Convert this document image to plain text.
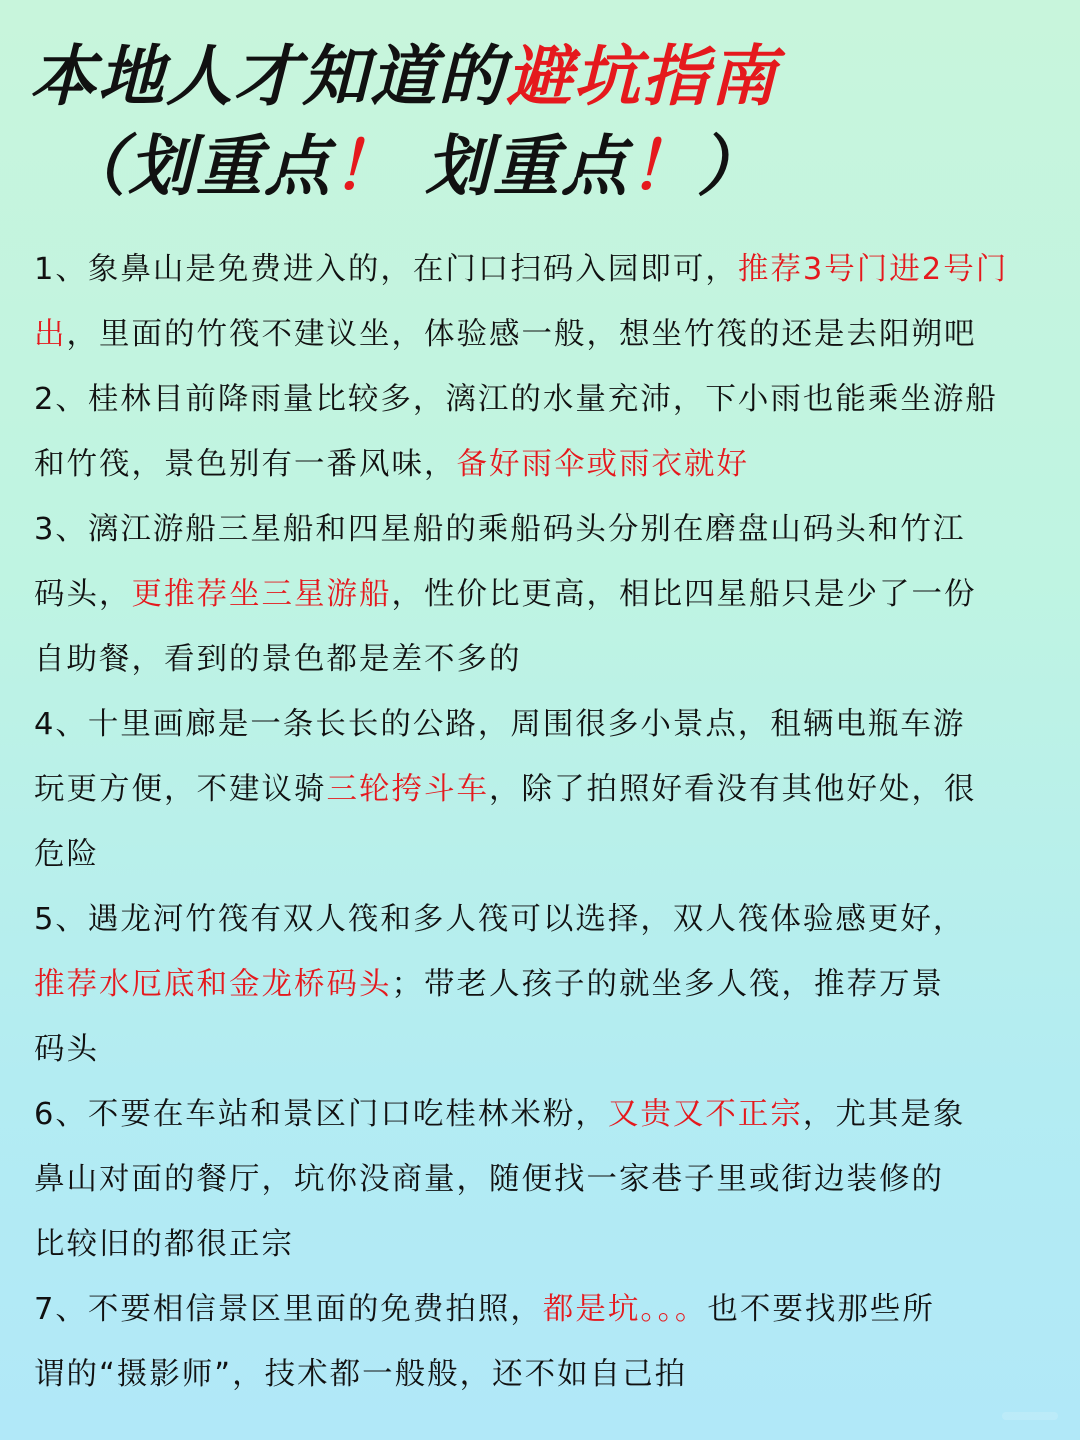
本地人才知道的避坑指南
（划重点！ 划重点！）

1、象鼻山是免费进入的，在门口扫码入园即可，推荐3号门进2号门

出，里面的竹筏不建议坐，体验感一般，想坐竹筏的还是去阳朔吧

2、桂林目前降雨量比较多，漓江的水量充沛，下小雨也能乘坐游船

和竹筏，景色别有一番风味，备好雨伞或雨衣就好

3、漓江游船三星船和四星船的乘船码头分别在磨盘山码头和竹江

码头，更推荐坐三星游船，性价比更高，相比四星船只是少了一份

自助餐，看到的景色都是差不多的

4、十里画廊是一条长长的公路，周围很多小景点，租辆电瓶车游

玩更方便，不建议骑三轮挎斗车，除了拍照好看没有其他好处，很

危险

5、遇龙河竹筏有双人筏和多人筏可以选择，双人筏体验感更好，

推荐水厄底和金龙桥码头；带老人孩子的就坐多人筏，推荐万景

码头

6、不要在车站和景区门口吃桂林米粉，又贵又不正宗，尤其是象

鼻山对面的餐厅，坑你没商量，随便找一家巷子里或街边装修的

比较旧的都很正宗

7、不要相信景区里面的免费拍照，都是坑。。。也不要找那些所

谓的“摄影师”，技术都一般般，还不如自己拍
